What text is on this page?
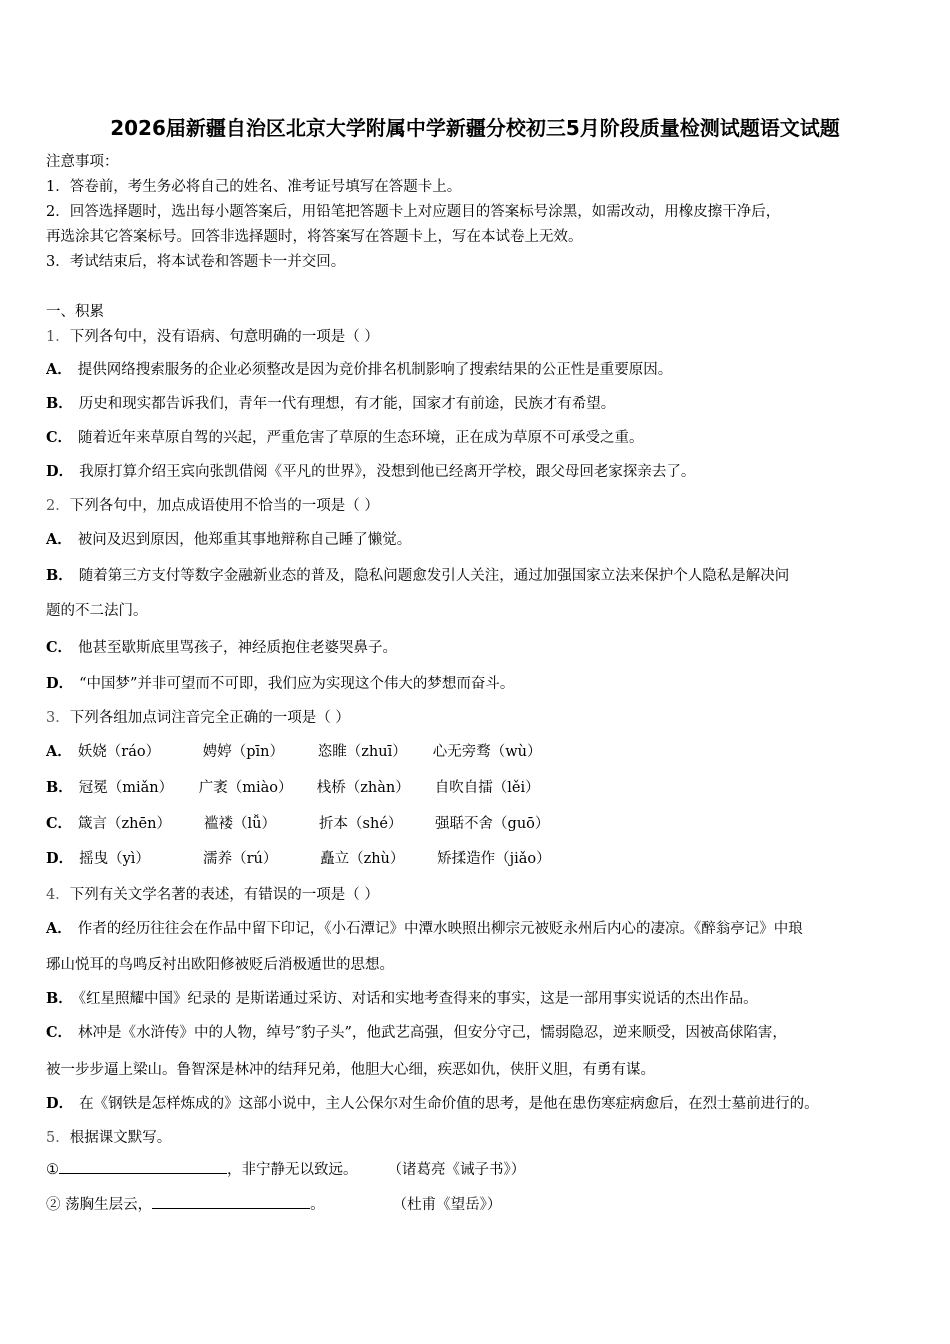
2026届新疆自治区北京大学附属中学新疆分校初三5月阶段质量检测试题语文试题
注意事项：
1．答卷前，考生务必将自己的姓名、准考证号填写在答题卡上。
2．回答选择题时，选出每小题答案后，用铅笔把答题卡上对应题目的答案标号涂黑，如需改动，用橡皮擦干净后，
再选涂其它答案标号。回答非选择题时，将答案写在答题卡上，写在本试卷上无效。
3．考试结束后，将本试卷和答题卡一并交回。
一、积累
1．下列各句中，没有语病、句意明确的一项是（ ）
A． 提供网络搜索服务的企业必须整改是因为竞价排名机制影响了搜索结果的公正性是重要原因。
B． 历史和现实都告诉我们，青年一代有理想，有才能，国家才有前途，民族才有希望。
C． 随着近年来草原自驾的兴起，严重危害了草原的生态环境，正在成为草原不可承受之重。
D． 我原打算介绍王宾向张凯借阅《平凡的世界》，没想到他已经离开学校，跟父母回老家探亲去了。
2．下列各句中，加点成语使用不恰当的一项是（ ）
A． 被问及迟到原因，他郑重其事地辩称自己睡了懒觉。
B． 随着第三方支付等数字金融新业态的普及，隐私问题愈发引人关注，通过加强国家立法来保护个人隐私是解决问
题的不二法门。
C． 他甚至歇斯底里骂孩子，神经质抱住老婆哭鼻子。
D． “中国梦”并非可望而不可即，我们应为实现这个伟大的梦想而奋斗。
3．下列各组加点词注音完全正确的一项是（ ）
A． 妖娆（ráo）	娉婷（pīn） 恣睢（zhuī） 心无旁骛（wù）
B． 冠冕（miǎn） 广袤（miào） 栈桥（zhàn） 自吹自擂（lěi）
C． 箴言（zhēn） 褴褛（lǚ）	折本（shé） 强聒不舍（guō）
D． 摇曳（yì）	濡养（rú）	矗立（zhù） 矫揉造作（jiǎo）
4．下列有关文学名著的表述，有错误的一项是（ ）
A． 作者的经历往往会在作品中留下印记，《小石潭记》中潭水映照出柳宗元被贬永州后内心的凄凉。《醉翁亭记》中琅
琊山悦耳的鸟鸣反衬出欧阳修被贬后消极遁世的思想。
B． 《红星照耀中国》纪录的 是斯诺通过采访、对话和实地考查得来的事实，这是一部用事实说话的杰出作品。
C． 林冲是《水浒传》中的人物，绰号″豹子头”，他武艺高强，但安分守己，懦弱隐忍，逆来顺受，因被高俅陷害，
被一步步逼上梁山。鲁智深是林冲的结拜兄弟，他胆大心细，疾恶如仇，侠肝义胆，有勇有谋。
D． 在《钢铁是怎样炼成的》这部小说中，主人公保尔对生命价值的思考，是他在患伤寒症病愈后，在烈士墓前进行的。
5．根据课文默写。
①	，非宁静无以致远。 （诸葛亮《诫子书》）
② 荡胸生层云，	。	（杜甫《望岳》）
